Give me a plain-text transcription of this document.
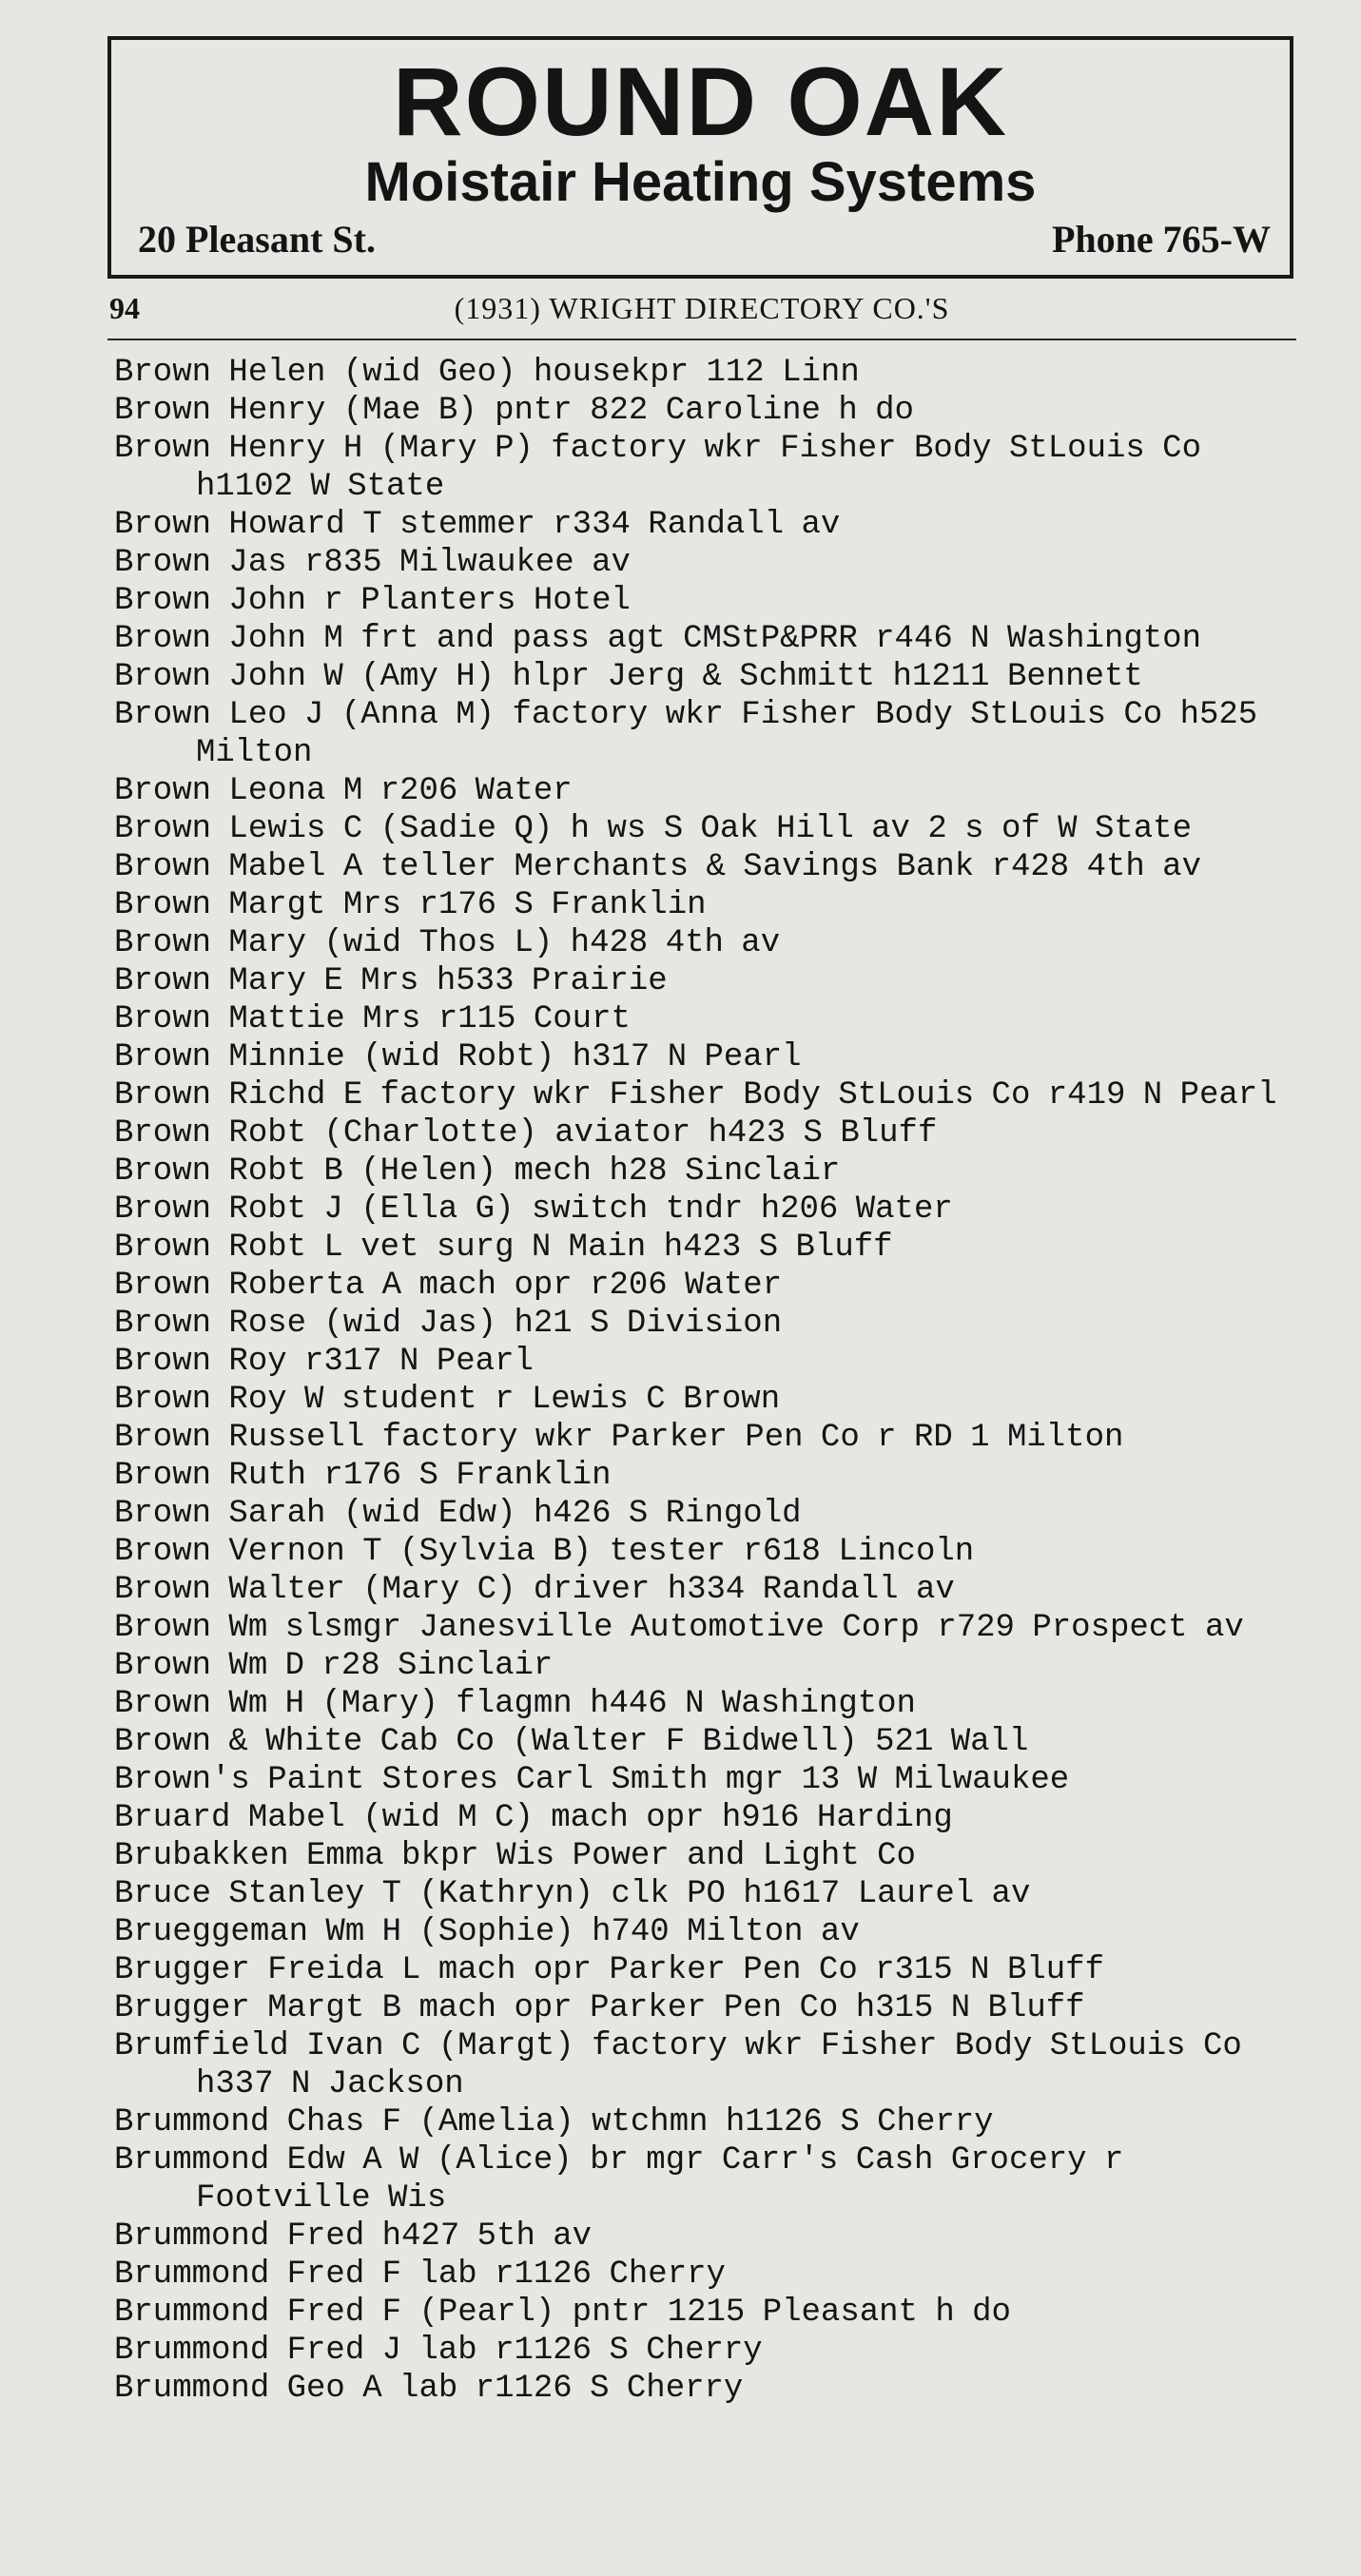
ROUND OAK
Moistair Heating Systems
20 Pleasant St.	Phone 765-W
94	(1931) WRIGHT DIRECTORY CO.'S
Brown Helen (wid Geo) housekpr 112 Linn
Brown Henry (Mae B) pntr 822 Caroline h do
Brown Henry H (Mary P) factory wkr Fisher Body StLouis Co h1102 W State
Brown Howard T stemmer r334 Randall av
Brown Jas r835 Milwaukee av
Brown John r Planters Hotel
Brown John M frt and pass agt CMStP&PRR r446 N Washington
Brown John W (Amy H) hlpr Jerg & Schmitt h1211 Bennett
Brown Leo J (Anna M) factory wkr Fisher Body StLouis Co h525 Milton
Brown Leona M r206 Water
Brown Lewis C (Sadie Q) h ws S Oak Hill av 2 s of W State
Brown Mabel A teller Merchants & Savings Bank r428 4th av
Brown Margt Mrs r176 S Franklin
Brown Mary (wid Thos L) h428 4th av
Brown Mary E Mrs h533 Prairie
Brown Mattie Mrs r115 Court
Brown Minnie (wid Robt) h317 N Pearl
Brown Richd E factory wkr Fisher Body StLouis Co r419 N Pearl
Brown Robt (Charlotte) aviator h423 S Bluff
Brown Robt B (Helen) mech h28 Sinclair
Brown Robt J (Ella G) switch tndr h206 Water
Brown Robt L vet surg N Main h423 S Bluff
Brown Roberta A mach opr r206 Water
Brown Rose (wid Jas) h21 S Division
Brown Roy r317 N Pearl
Brown Roy W student r Lewis C Brown
Brown Russell factory wkr Parker Pen Co r RD 1 Milton
Brown Ruth r176 S Franklin
Brown Sarah (wid Edw) h426 S Ringold
Brown Vernon T (Sylvia B) tester r618 Lincoln
Brown Walter (Mary C) driver h334 Randall av
Brown Wm slsmgr Janesville Automotive Corp r729 Prospect av
Brown Wm D r28 Sinclair
Brown Wm H (Mary) flagmn h446 N Washington
Brown & White Cab Co (Walter F Bidwell) 521 Wall
Brown's Paint Stores Carl Smith mgr 13 W Milwaukee
Bruard Mabel (wid M C) mach opr h916 Harding
Brubakken Emma bkpr Wis Power and Light Co
Bruce Stanley T (Kathryn) clk PO h1617 Laurel av
Brueggeman Wm H (Sophie) h740 Milton av
Brugger Freida L mach opr Parker Pen Co r315 N Bluff
Brugger Margt B mach opr Parker Pen Co h315 N Bluff
Brumfield Ivan C (Margt) factory wkr Fisher Body StLouis Co h337 N Jackson
Brummond Chas F (Amelia) wtchmn h1126 S Cherry
Brummond Edw A W (Alice) br mgr Carr's Cash Grocery r Footville Wis
Brummond Fred h427 5th av
Brummond Fred F lab r1126 Cherry
Brummond Fred F (Pearl) pntr 1215 Pleasant h do
Brummond Fred J lab r1126 S Cherry
Brummond Geo A lab r1126 S Cherry
